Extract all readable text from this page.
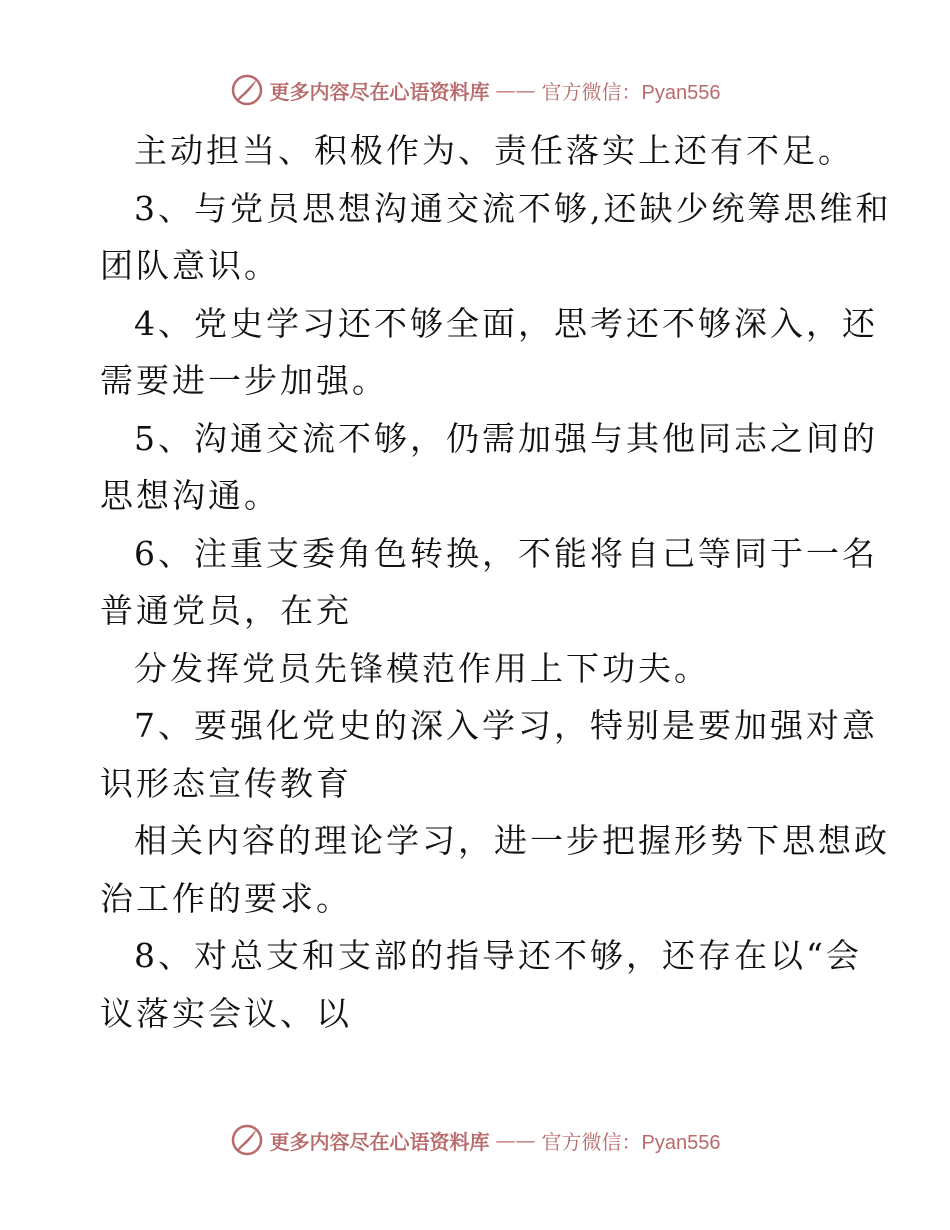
更多内容尽在心语资料库 —— 官方微信：Pyan556
主动担当、积极作为、责任落实上还有不足。
3、与党员思想沟通交流不够,还缺少统筹思维和
团队意识。
4、党史学习还不够全面，思考还不够深入，还
需要进一步加强。
5、沟通交流不够，仍需加强与其他同志之间的
思想沟通。
6、注重支委角色转换，不能将自己等同于一名
普通党员，在充
分发挥党员先锋模范作用上下功夫。
7、要强化党史的深入学习，特别是要加强对意
识形态宣传教育
相关内容的理论学习，进一步把握形势下思想政
治工作的要求。
8、对总支和支部的指导还不够，还存在以“会
议落实会议、以
更多内容尽在心语资料库 —— 官方微信：Pyan556
